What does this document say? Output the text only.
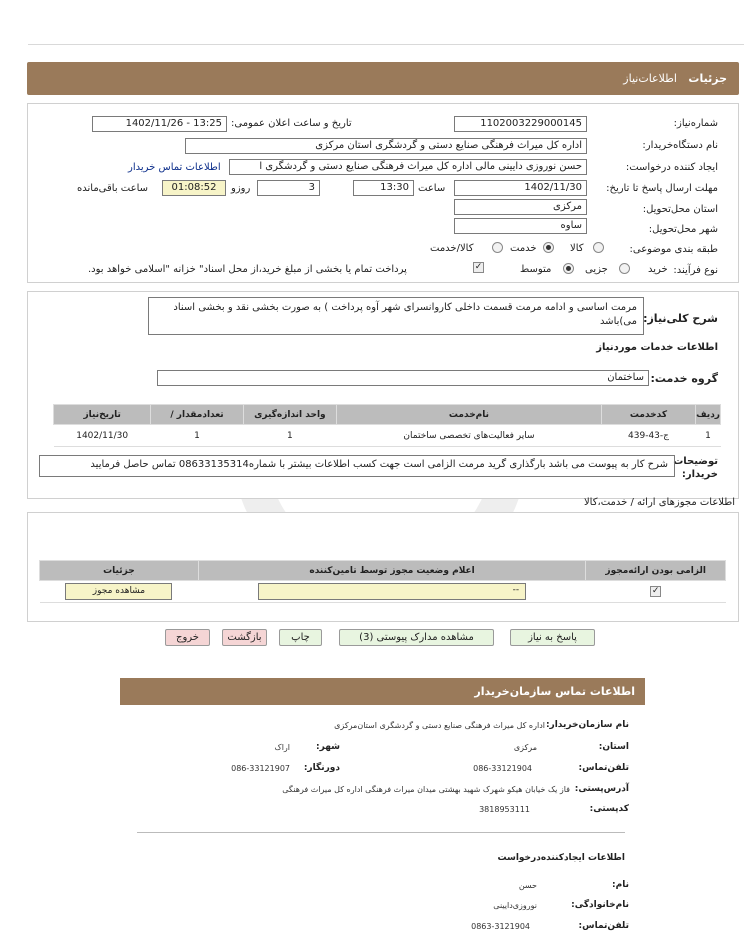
جزئیات
اطلاعات‌نیاز
شماره‌نیاز:
1102003229000145
تاریخ و ساعت اعلان عمومی:
1402/11/26 - 13:25
نام دستگاه‌خریدار:
اداره کل میراث فرهنگی صنایع دستی و گردشگری استان مرکزی
ایجاد کننده درخواست:
حسن نوروزی دایینی مالی اداره کل میراث فرهنگی صنایع دستی و گردشگری ا
اطلاعات تماس خریدار
مهلت ارسال پاسخ تا تاریخ:
1402/11/30
ساعت
13:30
3
روزو
01:08:52
ساعت باقی‌مانده
استان محل‌تحویل:
مرکزی
شهر محل‌تحویل:
ساوه
طبقه بندی موضوعی:
کالا
خدمت
کالا/خدمت
نوع فرآیند:
خرید
جزیی
متوسط
✓
پرداخت تمام یا بخشی از مبلغ خرید،از محل اسناد" خزانه "اسلامی خواهد بود.
شرح کلی‌نیاز:
مرمت اساسی و ادامه مرمت قسمت داخلی کاروانسرای شهر آوه پرداخت ) به صورت بخشی نقد و بخشی اسناد می)باشد
اطلاعات خدمات موردنیاز
گروه خدمت:
ساختمان
ردیف	کدخدمت	نام‌خدمت	واحد اندازه‌گیری	تعداد‌مقدار /	تاریخ‌نیاز
1	ج-43-439	سایر فعالیت‌های تخصصی ساختمان	1	1	1402/11/30
توضیحات خریدار:
شرح کار به پیوست می باشد بارگذاری گرید مرمت الزامی است جهت کسب اطلاعات بیشتر با شماره08633135314 تماس حاصل فرمایید
اطلاعات مجوزهای ارائه / خدمت،کالا
الزامی بودن ارائه‌مجوز	اعلام وضعیت مجوز توسط تامین‌کننده	جزئیات
✓	--	مشاهده مجوز
پاسخ به نیاز
مشاهده مدارک پیوستی (3)
چاپ
بازگشت
خروج
اطلاعات تماس سازمان‌خریدار
نام سازمان‌خریدار:
اداره کل میراث فرهنگی صنایع دستی و گردشگری استان‌مرکزی
استان:
مرکزی
شهر:
اراک
تلفن‌تماس:
086-33121904
دورنگار:
086-33121907
آدرس‌پستی:
فاز یک خیابان هیکو شهرک شهید بهشتی میدان میراث فرهنگی اداره کل میراث فرهنگی
کد‌پستی:
3818953111
اطلاعات ایجاد‌کننده‌درخواست
نام:
حسن
نام‌خانوادگی:
نوروزی‌دایینی
تلفن‌تماس:
0863-3121904
